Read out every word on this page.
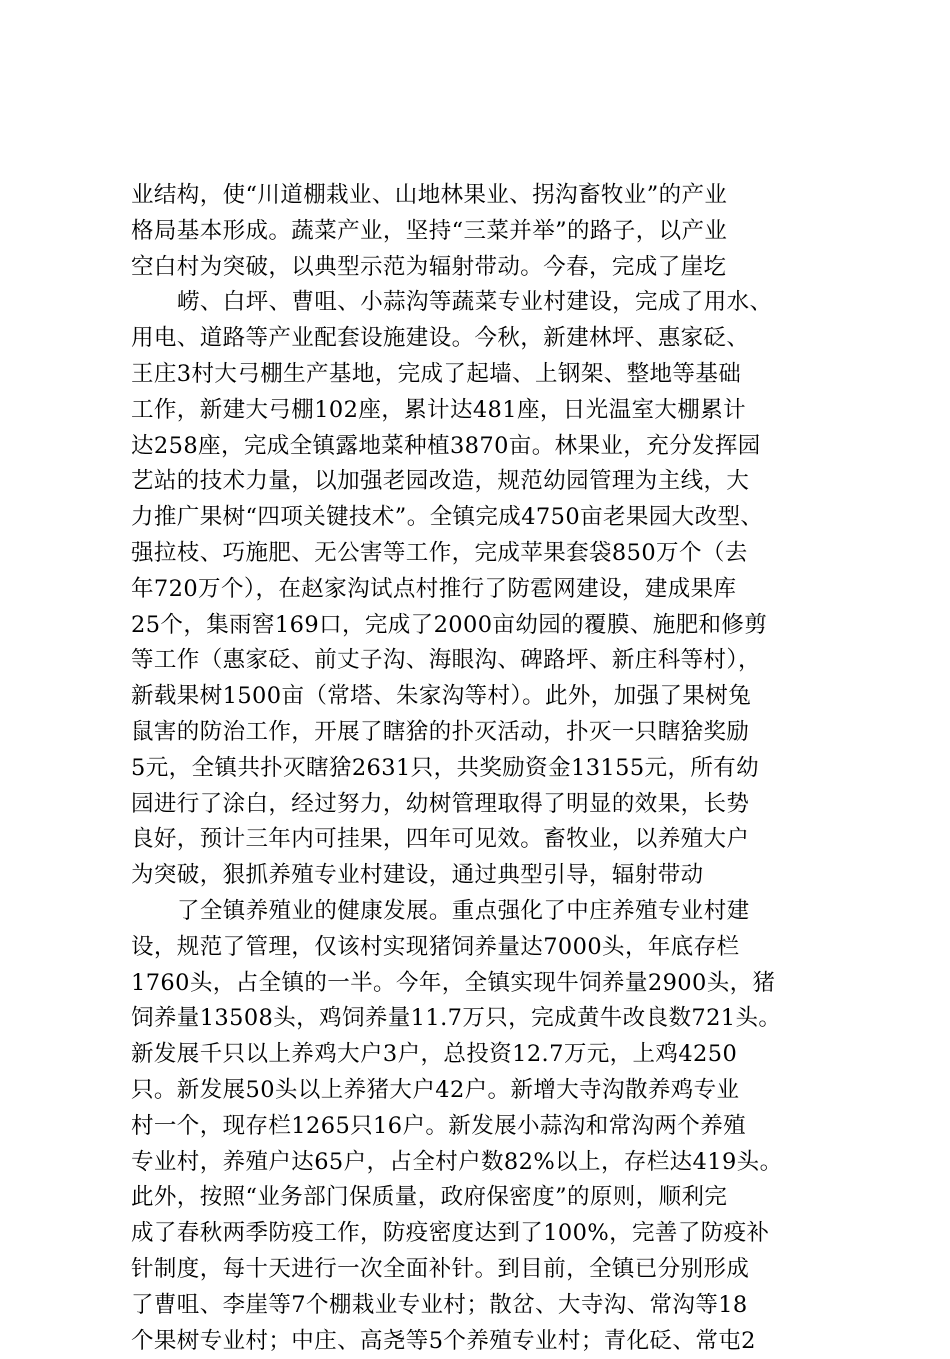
业结构，使“川道棚栽业、山地林果业、拐沟畜牧业”的产业
格局基本形成。蔬菜产业，坚持“三菜并举”的路子，以产业
空白村为突破，以典型示范为辐射带动。今春，完成了崖圪
崂、白坪、曹咀、小蒜沟等蔬菜专业村建设，完成了用水、
用电、道路等产业配套设施建设。今秋，新建林坪、惠家砭、
王庄3村大弓棚生产基地，完成了起墙、上钢架、整地等基础
工作，新建大弓棚102座，累计达481座，日光温室大棚累计
达258座，完成全镇露地菜种植3870亩。林果业，充分发挥园
艺站的技术力量，以加强老园改造，规范幼园管理为主线，大
力推广果树“四项关键技术”。全镇完成4750亩老果园大改型、
强拉枝、巧施肥、无公害等工作，完成苹果套袋850万个（去
年720万个），在赵家沟试点村推行了防雹网建设，建成果库
25个，集雨窖169口，完成了2000亩幼园的覆膜、施肥和修剪
等工作（惠家砭、前丈子沟、海眼沟、碑路坪、新庄科等村），
新载果树1500亩（常塔、朱家沟等村）。此外，加强了果树兔
鼠害的防治工作，开展了瞎猞的扑灭活动，扑灭一只瞎猞奖励
5元，全镇共扑灭瞎猞2631只，共奖励资金13155元，所有幼
园进行了涂白，经过努力，幼树管理取得了明显的效果，长势
良好，预计三年内可挂果，四年可见效。畜牧业，以养殖大户
为突破，狠抓养殖专业村建设，通过典型引导，辐射带动
了全镇养殖业的健康发展。重点强化了中庄养殖专业村建
设，规范了管理，仅该村实现猪饲养量达7000头，年底存栏
1760头，占全镇的一半。今年，全镇实现牛饲养量2900头，猪
饲养量13508头，鸡饲养量11.7万只，完成黄牛改良数721头。
新发展千只以上养鸡大户3户，总投资12.7万元，上鸡4250
只。新发展50头以上养猪大户42户。新增大寺沟散养鸡专业
村一个，现存栏1265只16户。新发展小蒜沟和常沟两个养殖
专业村，养殖户达65户，占全村户数82%以上，存栏达419头。
此外，按照“业务部门保质量，政府保密度”的原则，顺利完
成了春秋两季防疫工作，防疫密度达到了100%，完善了防疫补
针制度，每十天进行一次全面补针。到目前，全镇已分别形成
了曹咀、李崖等7个棚栽业专业村；散岔、大寺沟、常沟等18
个果树专业村；中庄、高尧等5个养殖专业村；青化砭、常屯2
